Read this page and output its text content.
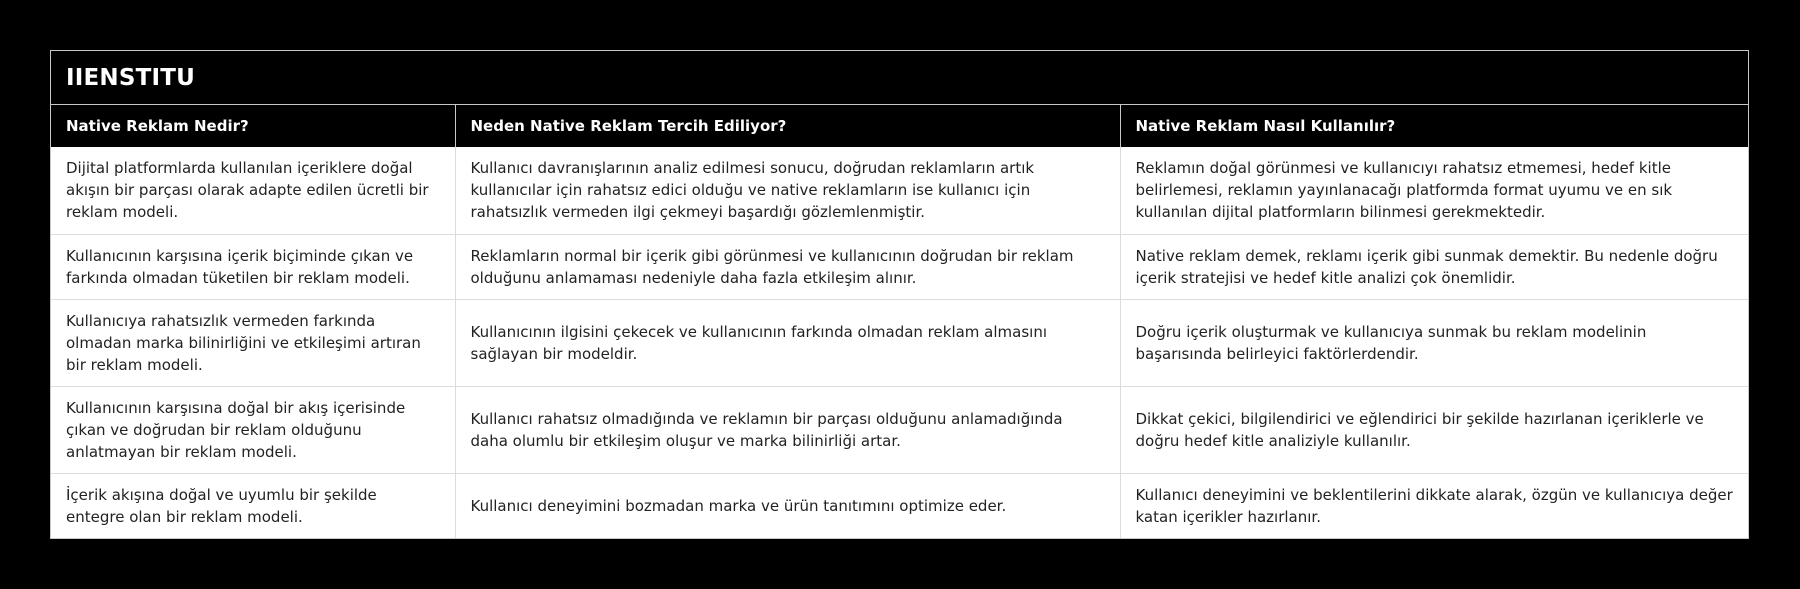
IIENSTITU
Native Reklam Nedir?	Neden Native Reklam Tercih Ediliyor?	Native Reklam Nasıl Kullanılır?
Dijital platformlarda kullanılan içeriklere doğal akışın bir parçası olarak adapte edilen ücretli bir reklam modeli.	Kullanıcı davranışlarının analiz edilmesi sonucu, doğrudan reklamların artık kullanıcılar için rahatsız edici olduğu ve native reklamların ise kullanıcı için rahatsızlık vermeden ilgi çekmeyi başardığı gözlemlenmiştir.	Reklamın doğal görünmesi ve kullanıcıyı rahatsız etmemesi, hedef kitle belirlemesi, reklamın yayınlanacağı platformda format uyumu ve en sık kullanılan dijital platformların bilinmesi gerekmektedir.
Kullanıcının karşısına içerik biçiminde çıkan ve farkında olmadan tüketilen bir reklam modeli.	Reklamların normal bir içerik gibi görünmesi ve kullanıcının doğrudan bir reklam olduğunu anlamaması nedeniyle daha fazla etkileşim alınır.	Native reklam demek, reklamı içerik gibi sunmak demektir. Bu nedenle doğru içerik stratejisi ve hedef kitle analizi çok önemlidir.
Kullanıcıya rahatsızlık vermeden farkında olmadan marka bilinirliğini ve etkileşimi artıran bir reklam modeli.	Kullanıcının ilgisini çekecek ve kullanıcının farkında olmadan reklam almasını sağlayan bir modeldir.	Doğru içerik oluşturmak ve kullanıcıya sunmak bu reklam modelinin başarısında belirleyici faktörlerdendir.
Kullanıcının karşısına doğal bir akış içerisinde çıkan ve doğrudan bir reklam olduğunu anlatmayan bir reklam modeli.	Kullanıcı rahatsız olmadığında ve reklamın bir parçası olduğunu anlamadığında daha olumlu bir etkileşim oluşur ve marka bilinirliği artar.	Dikkat çekici, bilgilendirici ve eğlendirici bir şekilde hazırlanan içeriklerle ve doğru hedef kitle analiziyle kullanılır.
İçerik akışına doğal ve uyumlu bir şekilde entegre olan bir reklam modeli.	Kullanıcı deneyimini bozmadan marka ve ürün tanıtımını optimize eder.	Kullanıcı deneyimini ve beklentilerini dikkate alarak, özgün ve kullanıcıya değer katan içerikler hazırlanır.
